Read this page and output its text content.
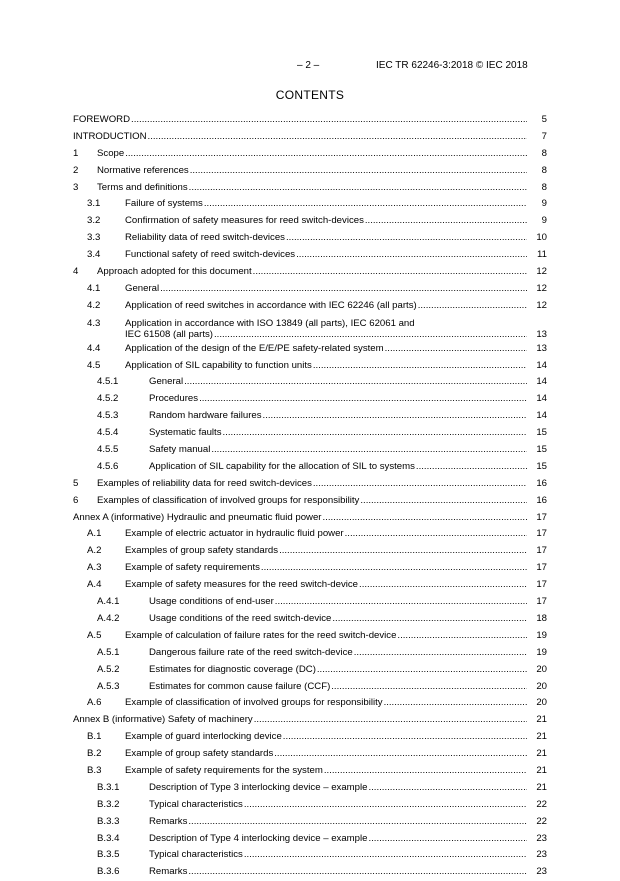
– 2 –	IEC TR 62246-3:2018 © IEC 2018
CONTENTS
FOREWORD .....	5
INTRODUCTION .....	7
1 Scope .....	8
2 Normative references .....	8
3 Terms and definitions .....	8
3.1	Failure of systems .....	9
3.2	Confirmation of safety measures for reed switch-devices .....	9
3.3	Reliability data of reed switch-devices .....	10
3.4	Functional safety of reed switch-devices .....	11
4 Approach adopted for this document .....	12
4.1	General .....	12
4.2	Application of reed switches in accordance with IEC 62246 (all parts) .....	12
4.3	Application in accordance with ISO 13849 (all parts), IEC 62061 and
IEC 61508 (all parts) .....	13
4.4	Application of the design of the E/E/PE safety-related system .....	13
4.5	Application of SIL capability to function units .....	14
4.5.1	General .....	14
4.5.2	Procedures .....	14
4.5.3	Random hardware failures .....	14
4.5.4	Systematic faults .....	15
4.5.5	Safety manual .....	15
4.5.6	Application of SIL capability for the allocation of SIL to systems .....	15
5 Examples of reliability data for reed switch-devices .....	16
6 Examples of classification of involved groups for responsibility .....	16
Annex A (informative) Hydraulic and pneumatic fluid power .....	17
A.1 Example of electric actuator in hydraulic fluid power .....	17
A.2 Examples of group safety standards .....	17
A.3 Example of safety requirements .....	17
A.4 Example of safety measures for the reed switch-device .....	17
A.4.1	Usage conditions of end-user .....	17
A.4.2	Usage conditions of the reed switch-device .....	18
A.5 Example of calculation of failure rates for the reed switch-device .....	19
A.5.1	Dangerous failure rate of the reed switch-device .....	19
A.5.2	Estimates for diagnostic coverage (DC) .....	20
A.5.3	Estimates for common cause failure (CCF) .....	20
A.6 Example of classification of involved groups for responsibility .....	20
Annex B (informative) Safety of machinery .....	21
B.1 Example of guard interlocking device .....	21
B.2 Example of group safety standards .....	21
B.3 Example of safety requirements for the system .....	21
B.3.1	Description of Type 3 interlocking device – example .....	21
B.3.2	Typical characteristics .....	22
B.3.3	Remarks .....	22
B.3.4	Description of Type 4 interlocking device – example .....	23
B.3.5	Typical characteristics .....	23
B.3.6	Remarks .....	23
